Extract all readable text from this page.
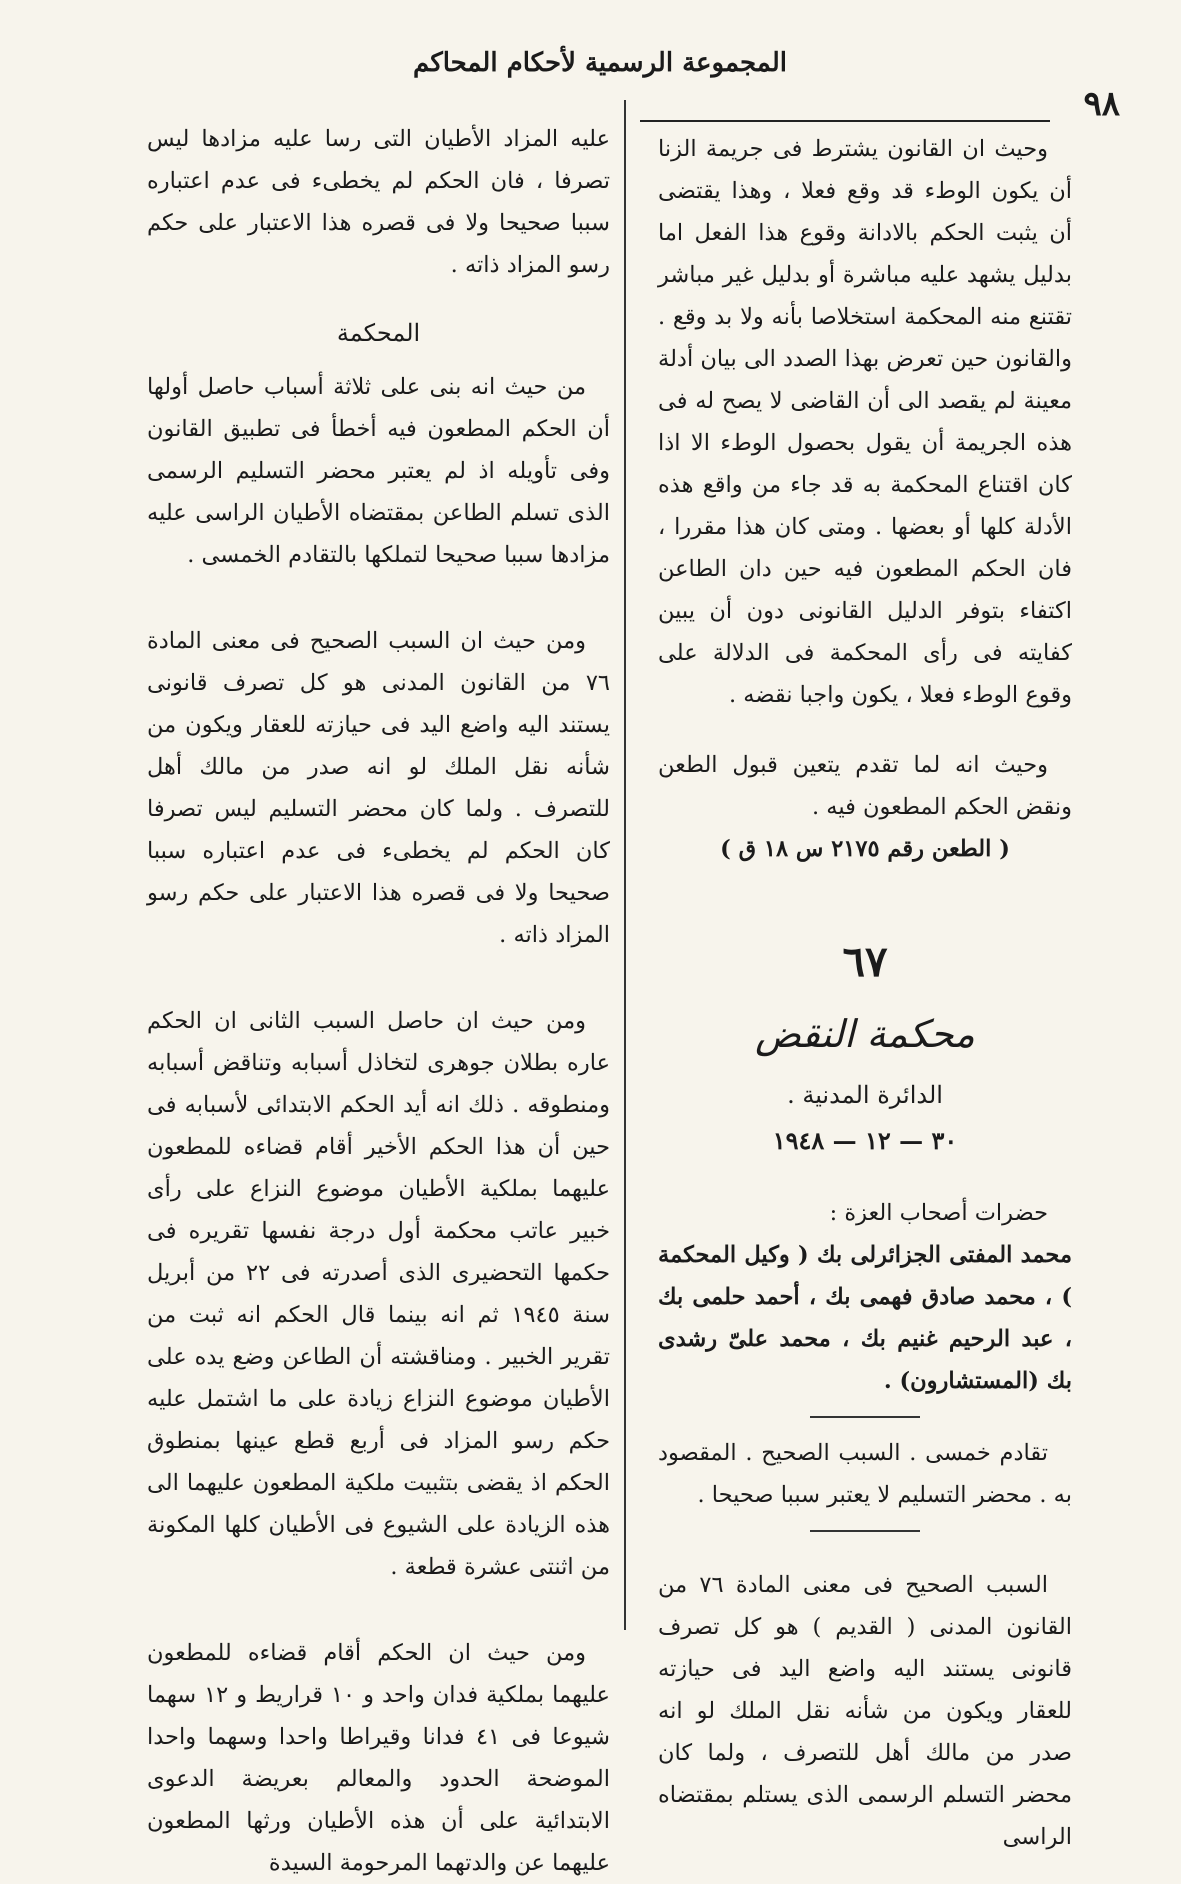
المجموعة الرسمية لأحكام المحاكم
٩٨

وحيث ان القانون يشترط فى جريمة الزنا أن يكون الوطء قد وقع فعلا ، وهذا يقتضى أن يثبت الحكم بالادانة وقوع هذا الفعل اما بدليل يشهد عليه مباشرة أو بدليل غير مباشر تقتنع منه المحكمة استخلاصا بأنه ولا بد وقع . والقانون حين تعرض بهذا الصدد الى بيان أدلة معينة لم يقصد الى أن القاضى لا يصح له فى هذه الجريمة أن يقول بحصول الوطء الا اذا كان اقتناع المحكمة به قد جاء من واقع هذه الأدلة كلها أو بعضها . ومتى كان هذا مقررا ، فان الحكم المطعون فيه حين دان الطاعن اكتفاء بتوفر الدليل القانونى دون أن يبين كفايته فى رأى المحكمة فى الدلالة على وقوع الوطء فعلا ، يكون واجبا نقضه .

وحيث انه لما تقدم يتعين قبول الطعن ونقض الحكم المطعون فيه .

( الطعن رقم ٢١٧٥ س ١٨ ق )

٦٧
محكمة النقض
الدائرة المدنية .
٣٠ — ١٢ — ١٩٤٨

حضرات أصحاب العزة :

محمد المفتى الجزائرلى بك ( وكيل المحكمة ) ، محمد صادق فهمى بك ، أحمد حلمى بك ، عبد الرحيم غنيم بك ، محمد علىّ رشدى بك (المستشارون) .

تقادم خمسى . السبب الصحيح . المقصود به . محضر التسليم لا يعتبر سببا صحيحا .

السبب الصحيح فى معنى المادة ٧٦ من القانون المدنى ( القديم ) هو كل تصرف قانونى يستند اليه واضع اليد فى حيازته للعقار ويكون من شأنه نقل الملك لو انه صدر من مالك أهل للتصرف ، ولما كان محضر التسلم الرسمى الذى يستلم بمقتضاه الراسى

عليه المزاد الأطيان التى رسا عليه مزادها ليس تصرفا ، فان الحكم لم يخطىء فى عدم اعتباره سببا صحيحا ولا فى قصره هذا الاعتبار على حكم رسو المزاد ذاته .

المحكمة

من حيث انه بنى على ثلاثة أسباب حاصل أولها أن الحكم المطعون فيه أخطأ فى تطبيق القانون وفى تأويله اذ لم يعتبر محضر التسليم الرسمى الذى تسلم الطاعن بمقتضاه الأطيان الراسى عليه مزادها سببا صحيحا لتملكها بالتقادم الخمسى .

ومن حيث ان السبب الصحيح فى معنى المادة ٧٦ من القانون المدنى هو كل تصرف قانونى يستند اليه واضع اليد فى حيازته للعقار ويكون من شأنه نقل الملك لو انه صدر من مالك أهل للتصرف . ولما كان محضر التسليم ليس تصرفا كان الحكم لم يخطىء فى عدم اعتباره سببا صحيحا ولا فى قصره هذا الاعتبار على حكم رسو المزاد ذاته .

ومن حيث ان حاصل السبب الثانى ان الحكم عاره بطلان جوهرى لتخاذل أسبابه وتناقض أسبابه ومنطوقه . ذلك انه أيد الحكم الابتدائى لأسبابه فى حين أن هذا الحكم الأخير أقام قضاءه للمطعون عليهما بملكية الأطيان موضوع النزاع على رأى خبير عاتب محكمة أول درجة نفسها تقريره فى حكمها التحضيرى الذى أصدرته فى ٢٢ من أبريل سنة ١٩٤٥ ثم انه بينما قال الحكم انه ثبت من تقرير الخبير . ومناقشته أن الطاعن وضع يده على الأطيان موضوع النزاع زيادة على ما اشتمل عليه حكم رسو المزاد فى أربع قطع عينها بمنطوق الحكم اذ يقضى بتثبيت ملكية المطعون عليهما الى هذه الزيادة على الشيوع فى الأطيان كلها المكونة من اثنتى عشرة قطعة .

ومن حيث ان الحكم أقام قضاءه للمطعون عليهما بملكية فدان واحد و ١٠ قراريط و ١٢ سهما شيوعا فى ٤١ فدانا وقيراطا واحدا وسهما واحدا الموضحة الحدود والمعالم بعريضة الدعوى الابتدائية على أن هذه الأطيان ورثها المطعون عليهما عن والدتهما المرحومة السيدة
